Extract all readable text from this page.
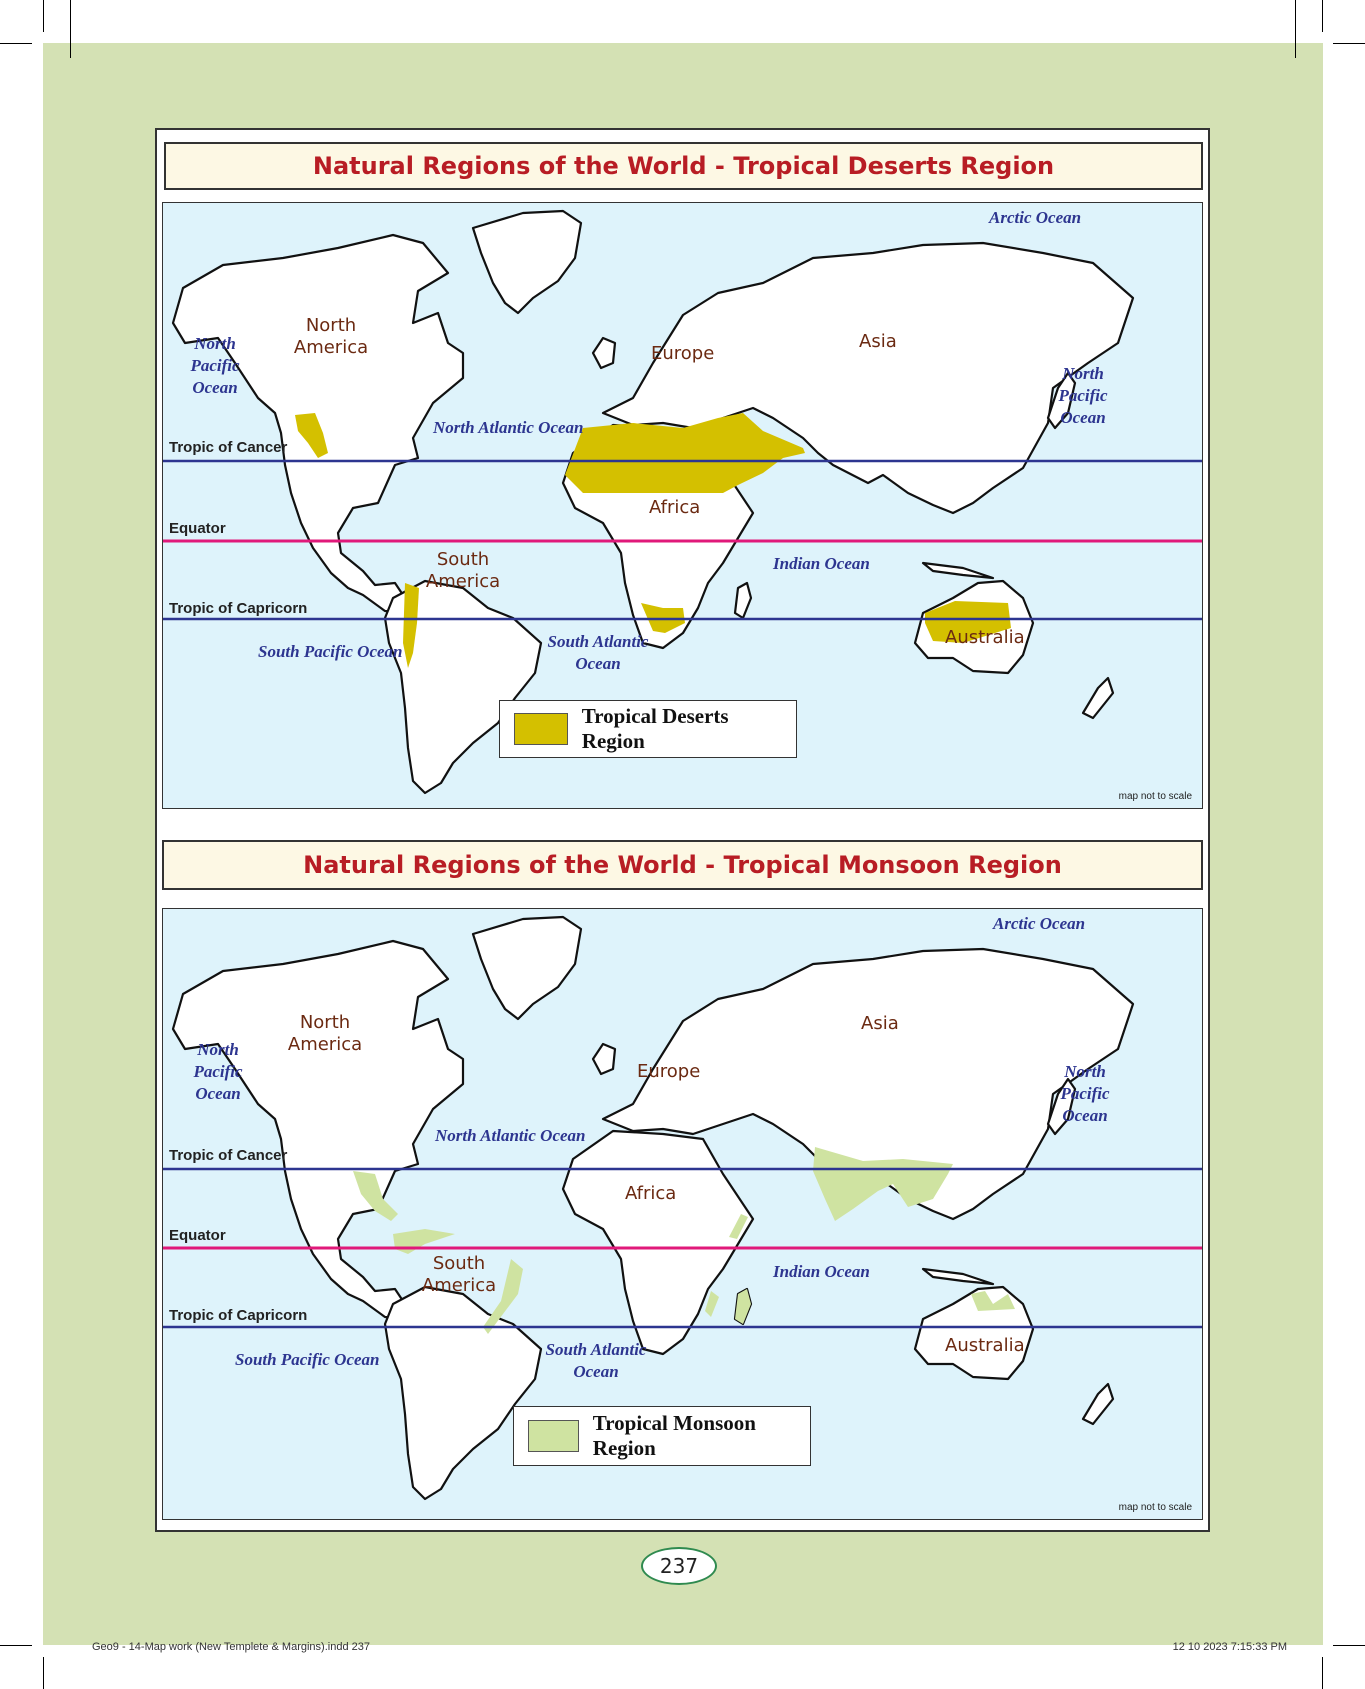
Natural Regions of the World - Tropical Deserts Region
Tropic of Cancer
Equator
Tropic of Capricorn
Arctic Ocean
North Pacific Ocean
North Pacific Ocean
North Atlantic Ocean
South Pacific Ocean
South Atlantic Ocean
Indian Ocean
North America
South America
Europe
Asia
Africa
Australia
Tropical Deserts Region
map not to scale
Natural Regions of the World - Tropical Monsoon Region
Tropic of Cancer
Equator
Tropic of Capricorn
Arctic Ocean
North Pacific Ocean
North Pacific Ocean
North Atlantic Ocean
South Pacific Ocean
South Atlantic Ocean
Indian Ocean
North America
South America
Europe
Asia
Africa
Australia
Tropical Monsoon Region
map not to scale
237
Geo9 - 14-Map work (New Templete & Margins).indd 237	12 10 2023 7:15:33 PM
